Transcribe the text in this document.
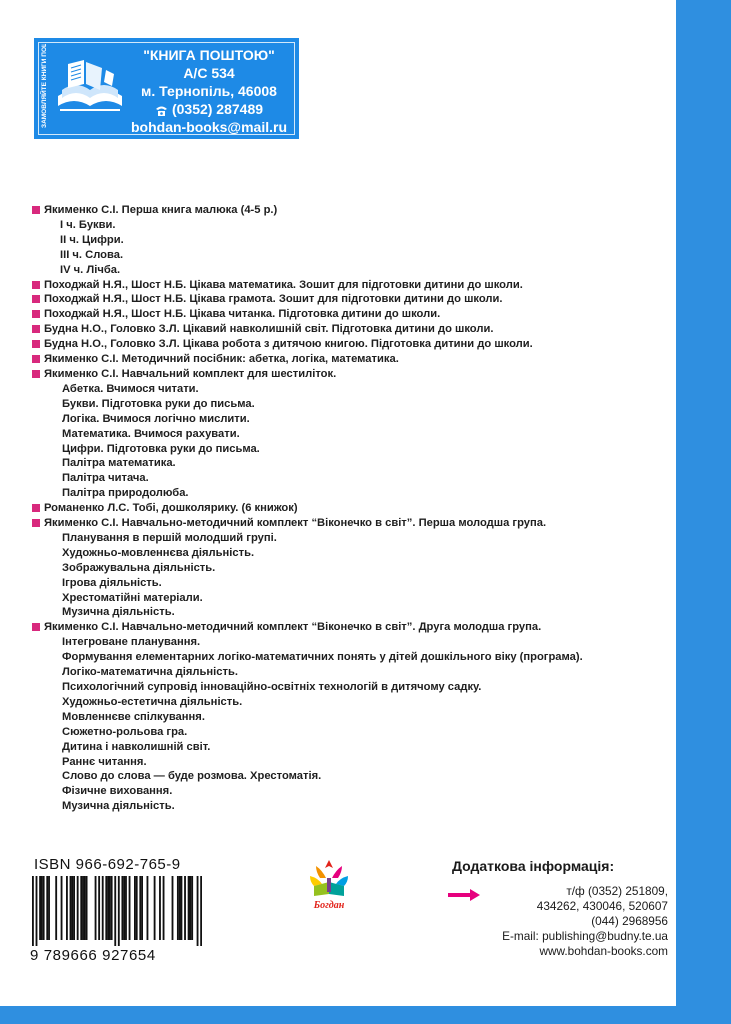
ЗАМОВЛЯЙТЕ КНИГИ ПОШТОЮ:	"КНИГА ПОШТОЮ"
А/С 534
м. Тернопіль, 46008
(0352) 287489
bohdan-books@mail.ru
Якименко С.І. Перша книга малюка (4-5 р.)
І ч. Букви.
ІІ ч. Цифри.
ІІІ ч. Слова.
ІV ч. Лічба.
Походжай Н.Я., Шост Н.Б. Цікава математика. Зошит для підготовки дитини до школи.
Походжай Н.Я., Шост Н.Б. Цікава грамота. Зошит для підготовки дитини до школи.
Походжай Н.Я., Шост Н.Б. Цікава читанка. Підготовка дитини до школи.
Будна Н.О., Головко З.Л. Цікавий навколишній світ. Підготовка дитини до школи.
Будна Н.О., Головко З.Л. Цікава робота з дитячою книгою. Підготовка дитини до школи.
Якименко С.І. Методичний посібник: абетка, логіка, математика.
Якименко С.І. Навчальний комплект для шестиліток.
Абетка. Вчимося читати.
Букви. Підготовка руки до письма.
Логіка. Вчимося логічно мислити.
Математика. Вчимося рахувати.
Цифри. Підготовка руки до письма.
Палітра математика.
Палітра читача.
Палітра природолюба.
Романенко Л.С. Тобі, дошколярику. (6 книжок)
Якименко С.І. Навчально-методичний комплект “Віконечко в світ”. Перша молодша група.
Планування в першій молодший групі.
Художньо-мовленнєва діяльність.
Зображувальна діяльність.
Ігрова діяльність.
Хрестоматійні матеріали.
Музична діяльність.
Якименко С.І. Навчально-методичний комплект “Віконечко в світ”. Друга молодша група.
Інтегроване планування.
Формування елементарних логіко-математичних понять у дітей дошкільного віку (програма).
Логіко-математична діяльність.
Психологічний супровід інноваційно-освітніх технологій в дитячому садку.
Художньо-естетична діяльність.
Мовленнєве спілкування.
Сюжетно-рольова гра.
Дитина і навколишній світ.
Раннє читання.
Слово до слова — буде розмова. Хрестоматія.
Фізичне виховання.
Музична діяльність.
ISBN 966-692-765-9
9 789666 927654
Богдан
Додаткова інформація:
т/ф (0352) 251809,
434262, 430046, 520607
(044) 2968956
E-mail: publishing@budny.te.ua
www.bohdan-books.com
